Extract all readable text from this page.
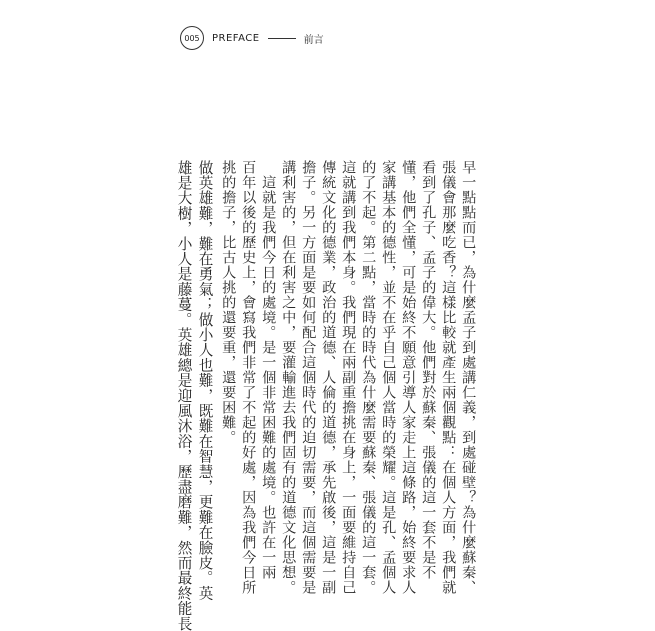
005	PREFACE	前言
早一點點而已，為什麼孟子到處講仁義，到處碰壁？為什麼蘇秦、
張儀會那麼吃香？這樣比較就產生兩個觀點：在個人方面，我們就
看到了孔子、孟子的偉大。他們對於蘇秦、張儀的這一套不是不
懂，他們全懂，可是始終不願意引導人家走上這條路，始終要求人
家講基本的德性，並不在乎自己個人當時的榮耀。這是孔、孟個人
的了不起。第二點，當時的時代為什麼需要蘇秦、張儀的這一套。
這就講到我們本身。我們現在兩副重擔挑在身上，一面要維持自己
傳統文化的德業，政治的道德、人倫的道德，承先啟後，這是一副
擔子。另一方面是要如何配合這個時代的迫切需要，而這個需要是
講利害的，但在利害之中，要灌輸進去我們固有的道德文化思想。
　這就是我們今日的處境。是一個非常困難的處境。也許在一兩
百年以後的歷史上，會寫我們非常了不起的好處，因為我們今日所
挑的擔子，比古人挑的還要重，還要困難。
做英雄難，難在勇氣；做小人也難，既難在智慧，更難在臉皮。英
雄是大樹，小人是藤蔓。英雄總是迎風沐浴，歷盡磨難，然而最終能長
